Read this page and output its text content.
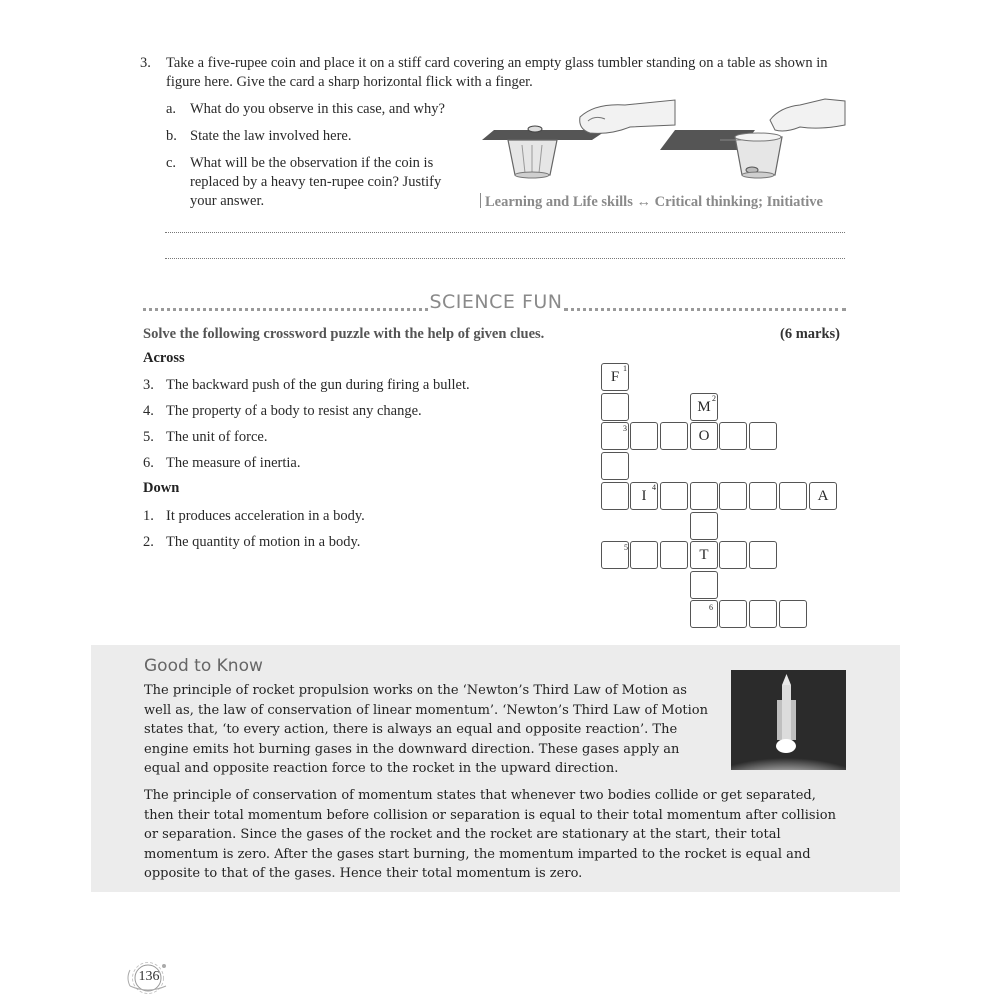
3. Take a five-rupee coin and place it on a stiff card covering an empty glass tumbler standing on a table as shown in figure here. Give the card a sharp horizontal flick with a finger.
a. What do you observe in this case, and why?
b. State the law involved here.
c. What will be the observation if the coin is replaced by a heavy ten-rupee coin? Justify your answer.	Learning and Life skills ↔ Critical thinking; Initiative
SCIENCE FUN
Solve the following crossword puzzle with the help of given clues.	(6 marks)
Across
3. The backward push of the gun during firing a bullet.
4. The property of a body to resist any change.
5. The unit of force.
6. The measure of inertia.
Down
1. It produces acceleration in a body.
2. The quantity of motion in a body.
F
1
M
2
3	O
I
4
A
5	T
6
Good to Know
The principle of rocket propulsion works on the ‘Newton’s Third Law of Motion as well as, the law of conservation of linear momentum’. ‘Newton’s Third Law of Motion states that, ‘to every action, there is always an equal and opposite reaction’. The engine emits hot burning gases in the downward direction. These gases apply an equal and opposite reaction force to the rocket in the upward direction.
The principle of conservation of momentum states that whenever two bodies collide or get separated, then their total momentum before collision or separation is equal to their total momentum after collision or separation. Since the gases of the rocket and the rocket are stationary at the start, their total momentum is zero. After the gases start burning, the momentum imparted to the rocket is equal and opposite to that of the gases. Hence their total momentum is zero.
136
